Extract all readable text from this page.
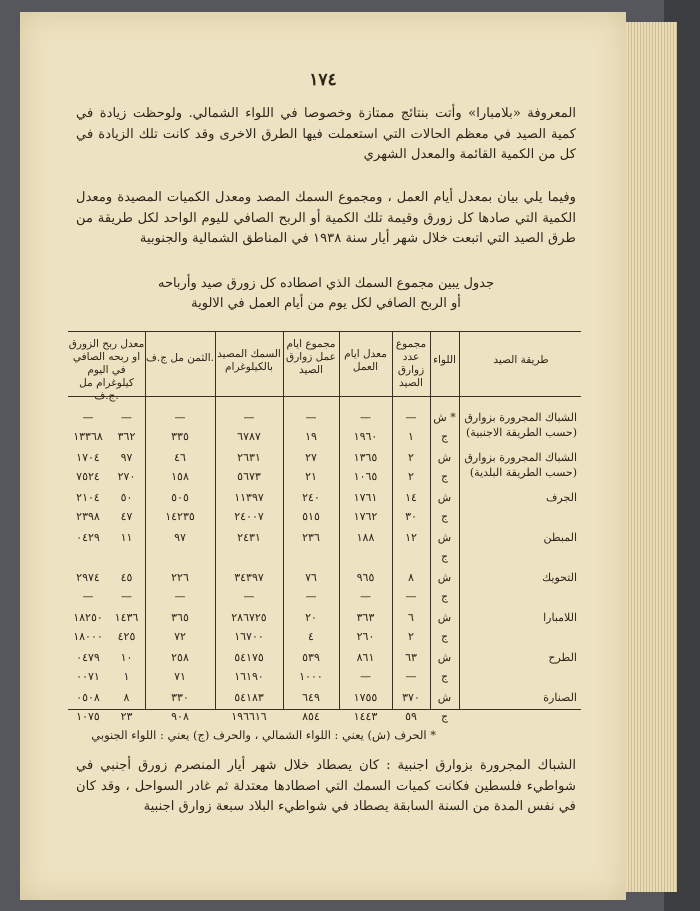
١٧٤
المعروفة «بلامبارا» وأتت بنتائج ممتازة وخصوصا في اللواء الشمالي. ولوحظت زيادة في كمية الصيد في معظم الحالات التي استعملت فيها الطرق الاخرى وقد كانت تلك الزيادة في كل من الكمية القائمة والمعدل الشهري
وفيما يلي بيان بمعدل أيام العمل ، ومجموع السمك المصد ومعدل الكميات المصيدة ومعدل الكمية التي صادها كل زورق وقيمة تلك الكمية أو الربح الصافي لليوم الواحد لكل طريقة من طرق الصيد التي اتبعت خلال شهر أيار سنة ١٩٣٨ في المناطق الشمالية والجنوبية
جدول يبين مجموع السمك الذي اصطاده كل زورق صيد وأرباحه
أو الربح الصافي لكل يوم من أيام العمل في الالوية
طريقة الصيد
اللواء
مجموع عدد زوارق الصيد
معدل ايام العمل
مجموع ايام عمل زوارق الصيد
السمك المصيد بالكيلوغرام
الثمن مل ج.ف.
معدل ربح الزورق او ربحه الصافي في اليوم كيلوغرام مل ج.ف.
الشباك المجرورة بزوارق (حسب الطريقة الاجنبية)
ش *
—
—
—
—
—
—
—
ج
١
١٩٦٠
١٩
٦٧٨٧
٣٣٥
٣٦٢
١٣٣٦٨
الشباك المجرورة بزوارق (حسب الطريقة البلدية)
ش
٢
١٣٦٥
٢٧
٢٦٣١
٤٦
٩٧
١٧٠٤
ج
٢
١٠٦٥
٢١
٥٦٧٣
١٥٨
٢٧٠
٧٥٢٤
الجرف
ش
١٤
١٧٦١
٢٤٠
١١٣٩٧
٥٠٥
٥٠
٢١٠٤
ج
٣٠
١٧٦٢
٥١٥
٢٤٠٠٧
١٤٢٣٥
٤٧
٢٣٩٨
المبطن
ش
١٢
١٨٨
٢٣٦
٢٤٣١
٩٧
١١
٠٤٢٩
ج
التحويك
ش
٨
٩٦٥
٧٦
٣٤٣٩٧
٢٢٦
٤٥
٢٩٧٤
ج
—
—
—
—
—
—
—
اللامبارا
ش
٦
٣٦٣
٢٠
٢٨٦٧٢٥
٣٦٥
١٤٣٦
١٨٢٥٠
ج
٢
٢٦٠
٤
١٦٧٠٠
٧٢
٤٢٥
١٨٠٠٠
الطرح
ش
٦٣
٨٦١
٥٣٩
٥٤١٧٥
٢٥٨
١٠
٠٤٧٩
ج
—
—
١٠٠٠
١٦١٩٠
٧١
١
٠٠٧١
الصنارة
ش
٣٧٠
١٧٥٥
٦٤٩
٥٤١٨٣
٣٣٠
٨
٠٥٠٨
ج
٥٩
١٤٤٣
٨٥٤
١٩٦٦١٦
٩٠٨
٢٣
١٠٧٥
* الحرف (ش) يعني : اللواء الشمالي ، والحرف (ج) يعني : اللواء الجنوبي
الشباك المجرورة بزوارق اجنبية : كان يصطاد خلال شهر أيار المنصرم زورق أجنبي في شواطيء فلسطين فكانت كميات السمك التي اصطادها معتدلة ثم غادر السواحل ، وقد كان في نفس المدة من السنة السابقة يصطاد في شواطيء البلاد سبعة زوارق اجنبية
